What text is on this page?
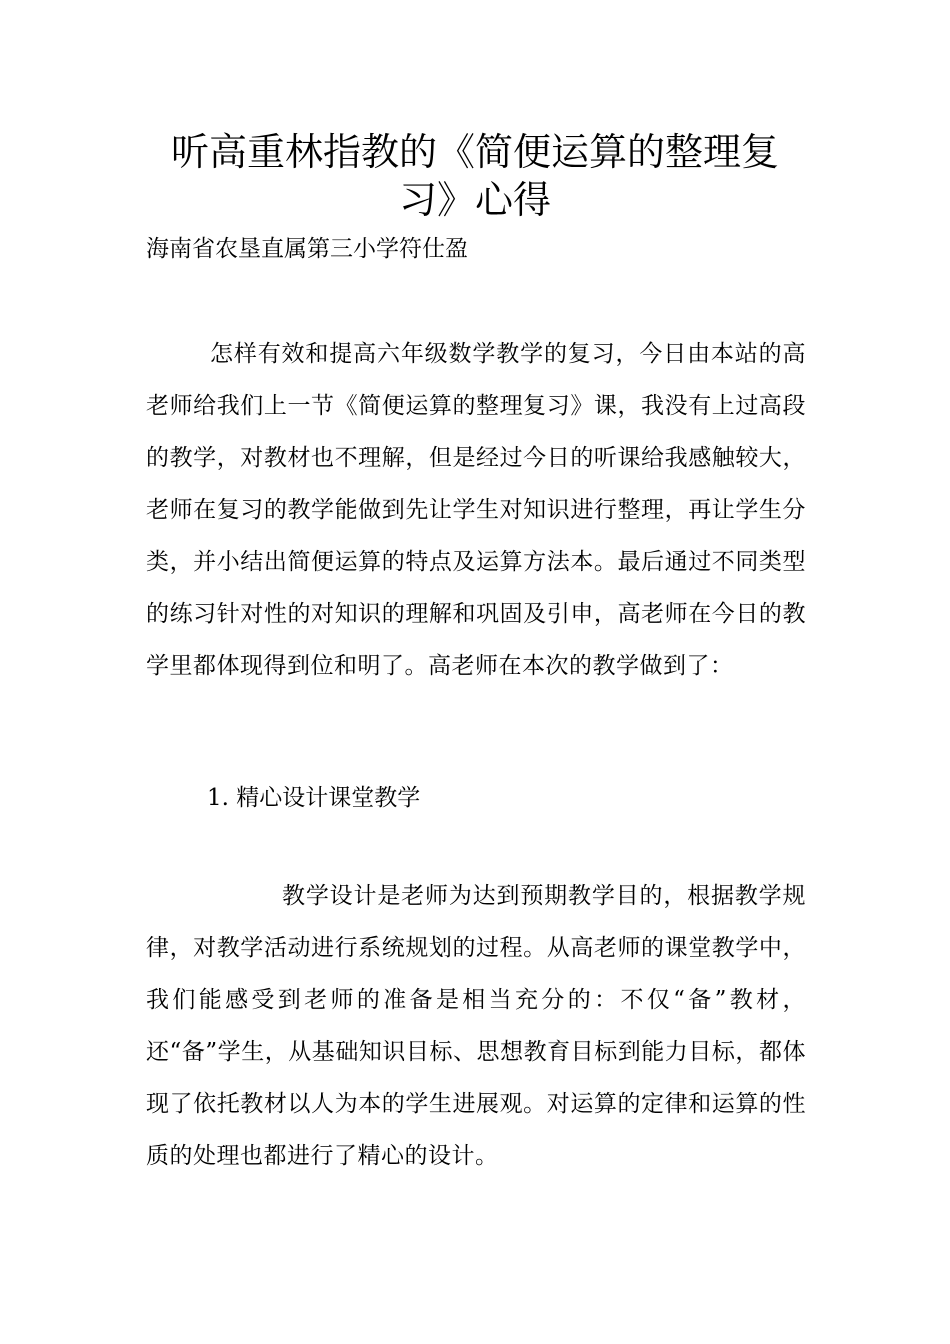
听高重林指教的《简便运算的整理复习》心得

海南省农垦直属第三小学符仕盈

怎样有效和提高六年级数学教学的复习，今日由本站的高老师给我们上一节《简便运算的整理复习》课，我没有上过高段的教学，对教材也不理解，但是经过今日的听课给我感触较大，老师在复习的教学能做到先让学生对知识进行整理，再让学生分类，并小结出简便运算的特点及运算方法本。最后通过不同类型的练习针对性的对知识的理解和巩固及引申，高老师在今日的教学里都体现得到位和明了。高老师在本次的教学做到了：

1. 精心设计课堂教学

教学设计是老师为达到预期教学目的，根据教学规律，对教学活动进行系统规划的过程。从高老师的课堂教学中，我们能感受到老师的准备是相当充分的：不仅“备”教材，还“备”学生，从基础知识目标、思想教育目标到能力目标，都体现了依托教材以人为本的学生进展观。对运算的定律和运算的性质的处理也都进行了精心的设计。
